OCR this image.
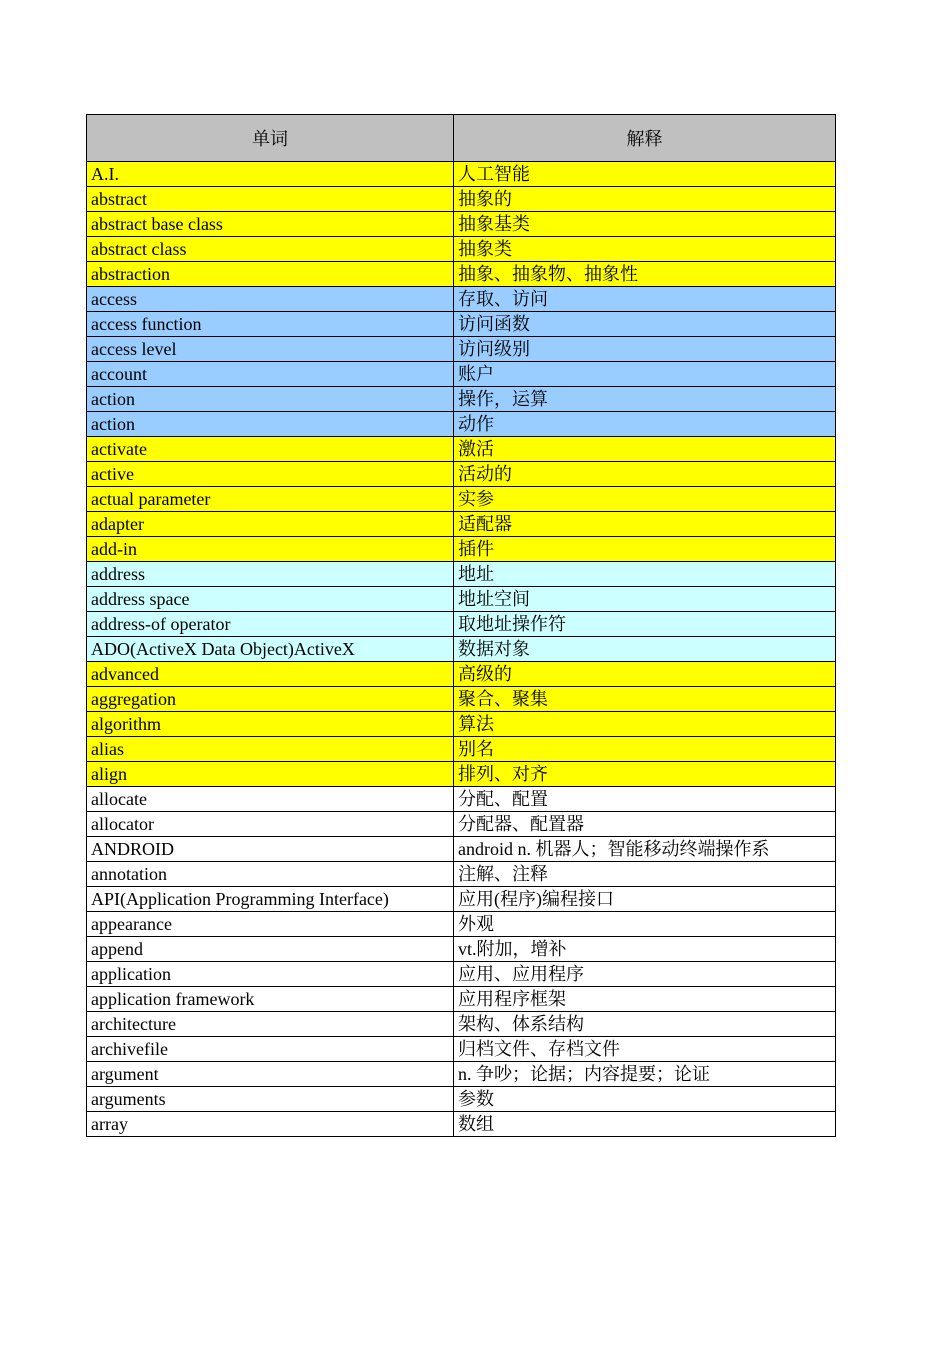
单词	解释
A.I.	人工智能
abstract	抽象的
abstract base class	抽象基类
abstract class	抽象类
abstraction	抽象、抽象物、抽象性
access	存取、访问
access function	访问函数
access level	访问级别
account	账户
action	操作，运算
action	动作
activate	激活
active	活动的
actual parameter	实参
adapter	适配器
add-in	插件
address	地址
address space	地址空间
address-of operator	取地址操作符
ADO(ActiveX Data Object)ActiveX	数据对象
advanced	高级的
aggregation	聚合、聚集
algorithm	算法
alias	别名
align	排列、对齐
allocate	分配、配置
allocator	分配器、配置器
ANDROID	android n. 机器人；智能移动终端操作系
annotation	注解、注释
API(Application Programming Interface)	应用(程序)编程接口
appearance	外观
append	vt.附加，增补
application	应用、应用程序
application framework	应用程序框架
architecture	架构、体系结构
archivefile	归档文件、存档文件
argument	n. 争吵；论据；内容提要；论证
arguments	参数
array	数组
